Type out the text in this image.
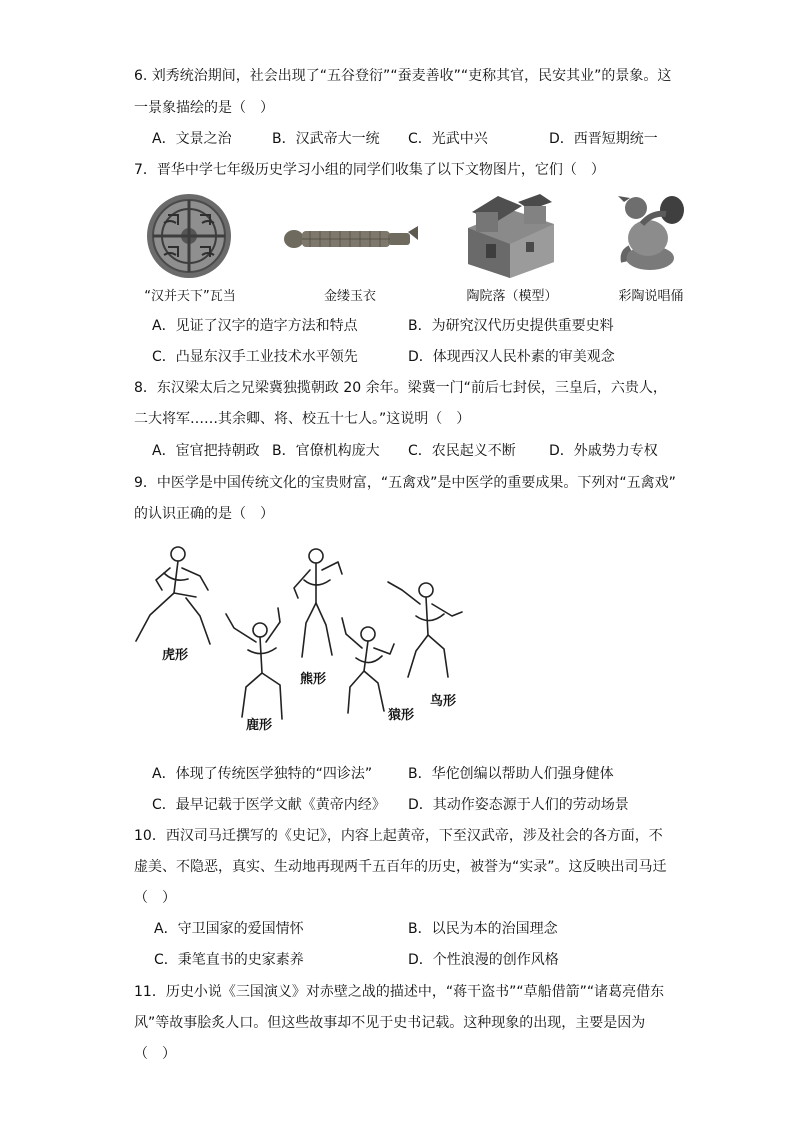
6. 刘秀统治期间，社会出现了“五谷登衍”“蚕麦善收”“吏称其官，民安其业”的景象。这
一景象描绘的是（　）
A．文景之治	B．汉武帝大一统 C．光武中兴	D．西晋短期统一
7．晋华中学七年级历史学习小组的同学们收集了以下文物图片，它们（　）
“汉并天下”瓦当	金缕玉衣	陶院落（模型）	彩陶说唱俑
A．见证了汉字的造字方法和特点	B．为研究汉代历史提供重要史料
C．凸显东汉手工业技术水平领先	D．体现西汉人民朴素的审美观念
8．东汉梁太后之兄梁冀独揽朝政 20 余年。梁冀一门“前后七封侯，三皇后，六贵人，
二大将军……其余卿、将、校五十七人。”这说明（　）
A．宦官把持朝政 B．官僚机构庞大 C．农民起义不断 D．外戚势力专权
9．中医学是中国传统文化的宝贵财富，“五禽戏”是中医学的重要成果。下列对“五禽戏”
的认识正确的是（　）
虎形
鹿形
熊形
猿形
鸟形
A．体现了传统医学独特的“四诊法”	B．华佗创编以帮助人们强身健体
C．最早记载于医学文献《黄帝内经》 D．其动作姿态源于人们的劳动场景
10．西汉司马迁撰写的《史记》，内容上起黄帝，下至汉武帝，涉及社会的各方面，不
虚美、不隐恶，真实、生动地再现两千五百年的历史，被誉为“实录”。这反映出司马迁
（　）
A．守卫国家的爱国情怀	B．以民为本的治国理念
C．秉笔直书的史家素养	D．个性浪漫的创作风格
11．历史小说《三国演义》对赤壁之战的描述中，“蒋干盗书”“草船借箭”“诸葛亮借东
风”等故事脍炙人口。但这些故事却不见于史书记载。这种现象的出现，主要是因为
（　）
